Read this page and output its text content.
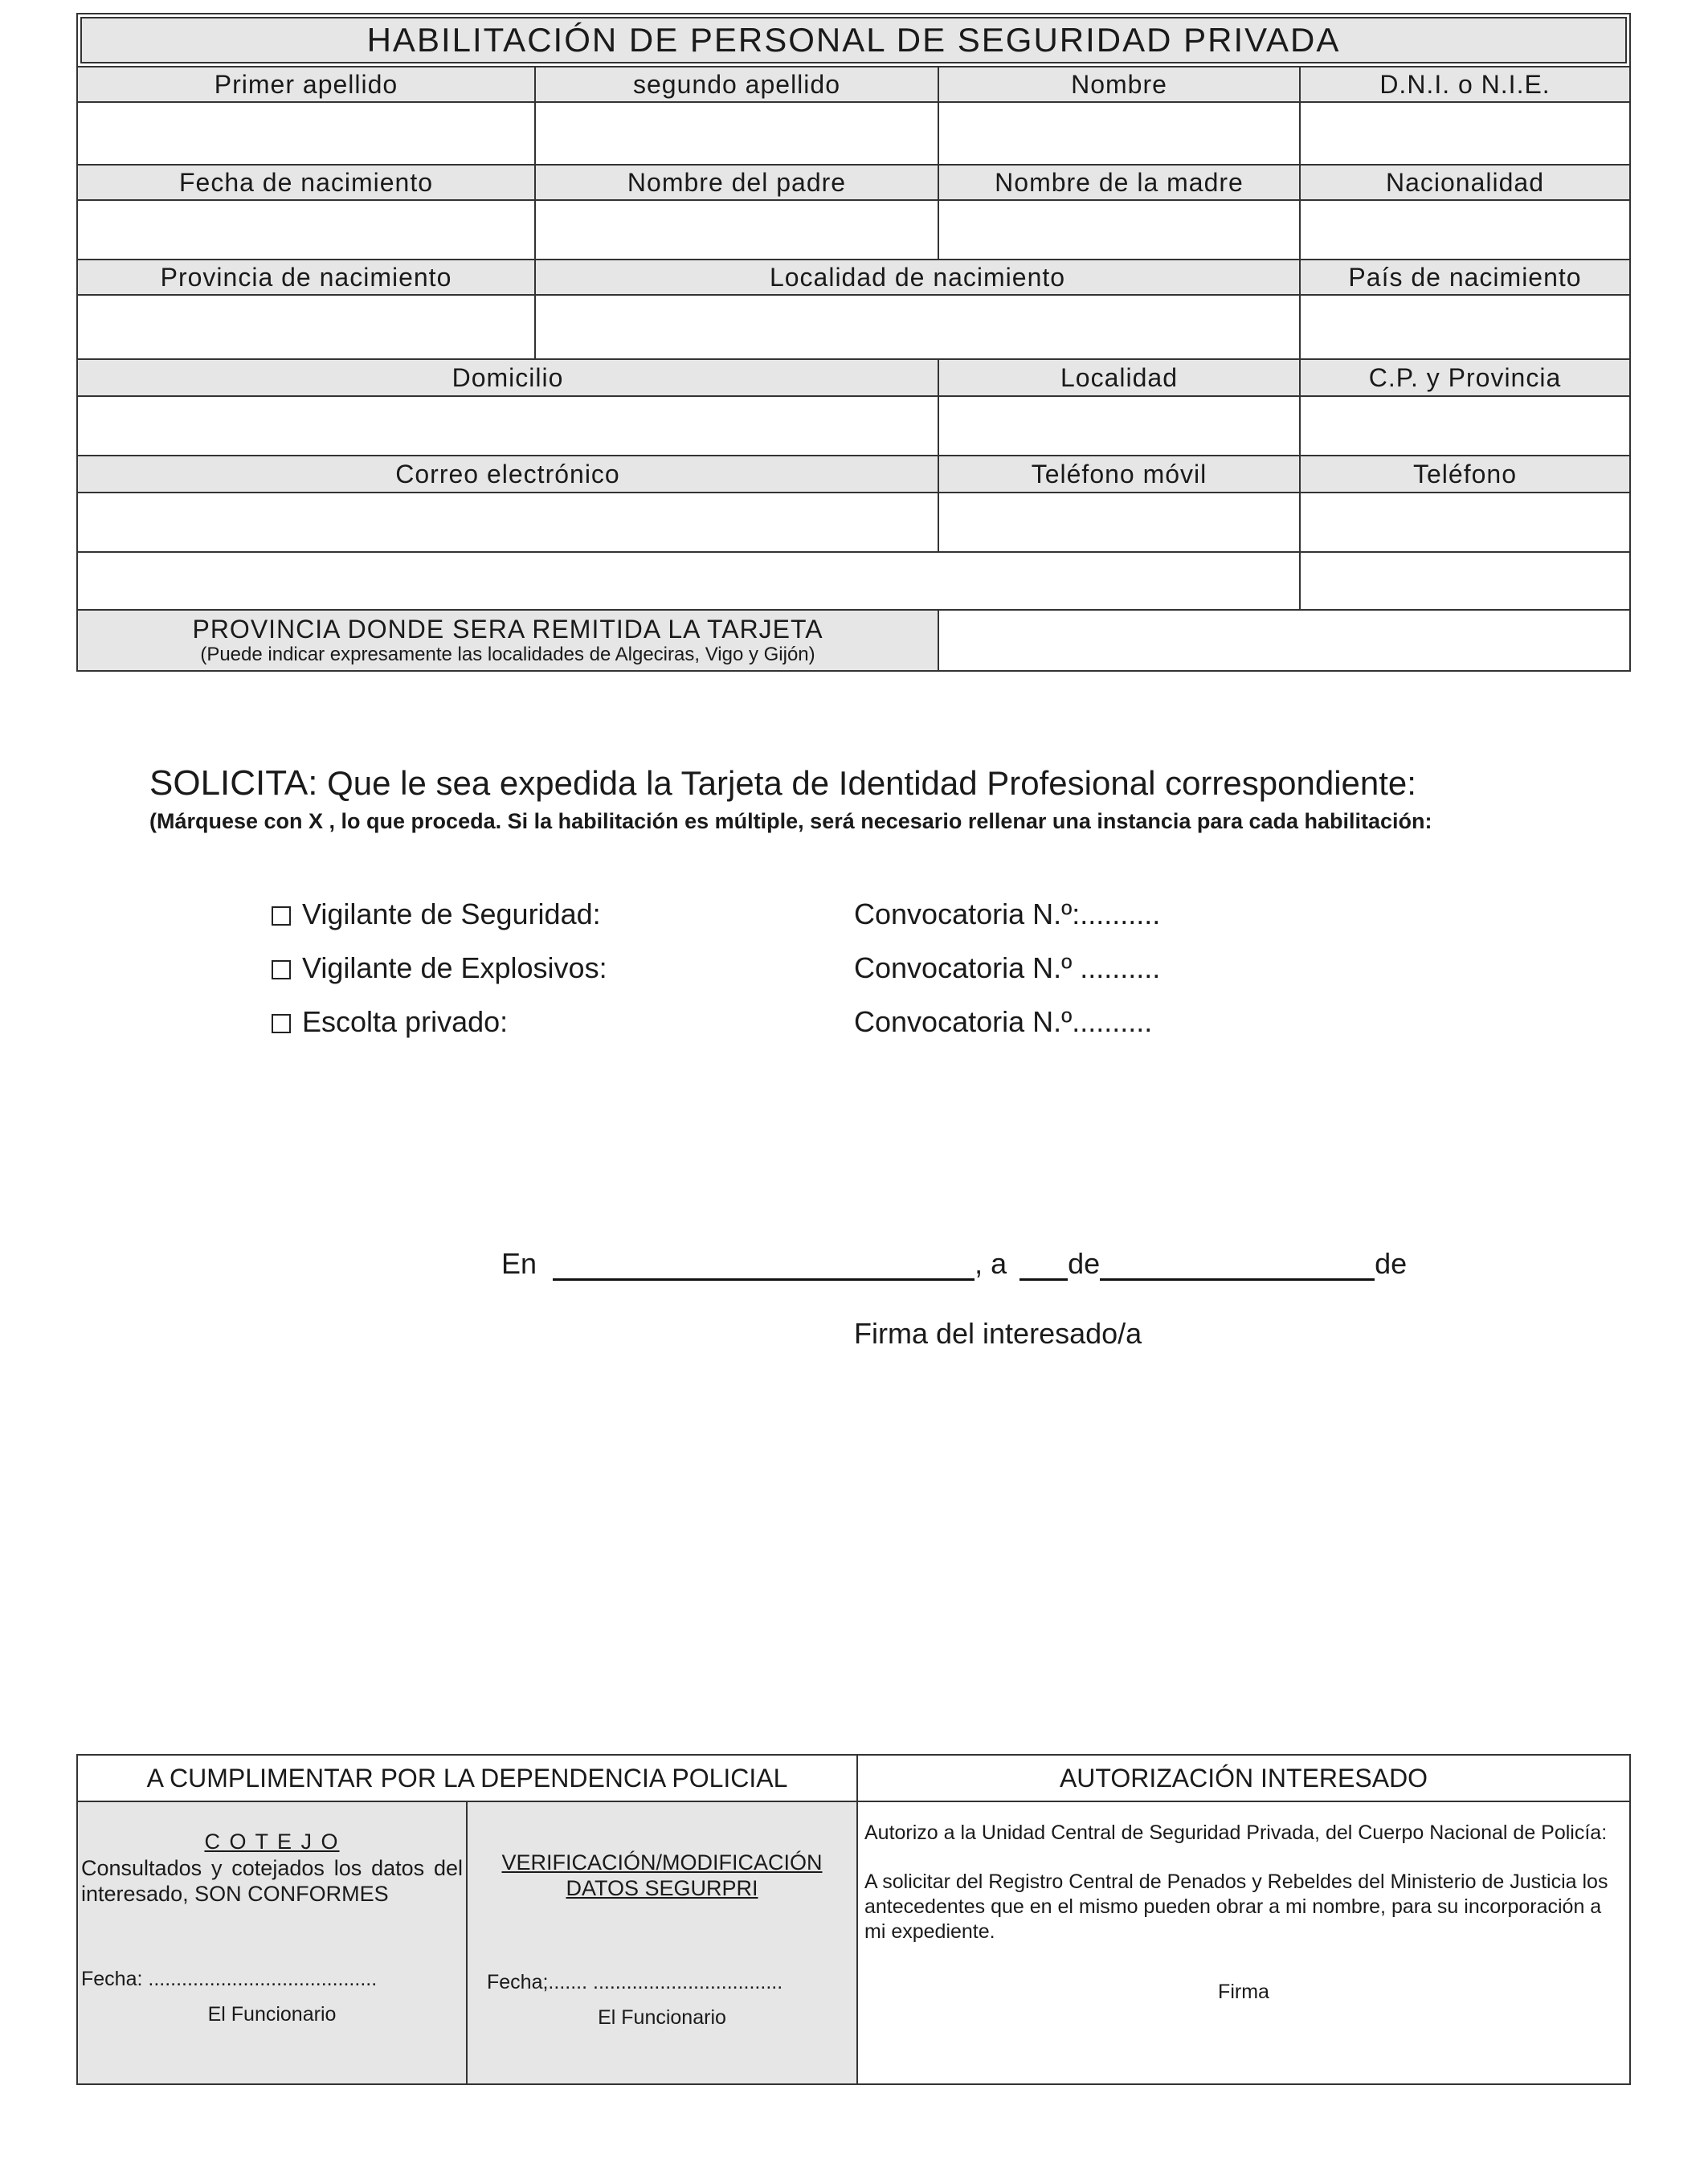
HABILITACIÓN DE PERSONAL DE SEGURIDAD PRIVADA
Primer apellido	segundo apellido	Nombre	D.N.I. o N.I.E.
Fecha de nacimiento	Nombre del padre	Nombre de la madre	Nacionalidad
Provincia de nacimiento	Localidad de nacimiento	País de nacimiento
Domicilio	Localidad	C.P. y Provincia
Correo electrónico	Teléfono móvil	Teléfono
PROVINCIA DONDE SERA REMITIDA LA TARJETA
(Puede indicar expresamente las localidades de Algeciras, Vigo y Gijón)
SOLICITA: Que le sea expedida la Tarjeta de Identidad Profesional correspondiente:
(Márquese con X , lo que proceda. Si la habilitación es múltiple, será necesario rellenar una instancia para cada habilitación:
Vigilante de Seguridad:	Convocatoria N.º:..........
Vigilante de Explosivos:	Convocatoria N.º ..........
Escolta privado:	Convocatoria N.º..........
En	, a de	de
Firma del interesado/a
A CUMPLIMENTAR POR LA DEPENDENCIA POLICIAL	AUTORIZACIÓN INTERESADO
C O T E J O
Consultados y cotejados los datos del interesado, SON CONFORMES
Fecha: .........................................
El Funcionario
VERIFICACIÓN/MODIFICACIÓN
DATOS SEGURPRI
Fecha;....... ..................................
El Funcionario
Autorizo a la Unidad Central de Seguridad Privada, del Cuerpo Nacional de Policía:
A solicitar del Registro Central de Penados y Rebeldes del Ministerio de Justicia los antecedentes que en el mismo pueden obrar a mi nombre, para su incorporación a mi expediente.
Firma
